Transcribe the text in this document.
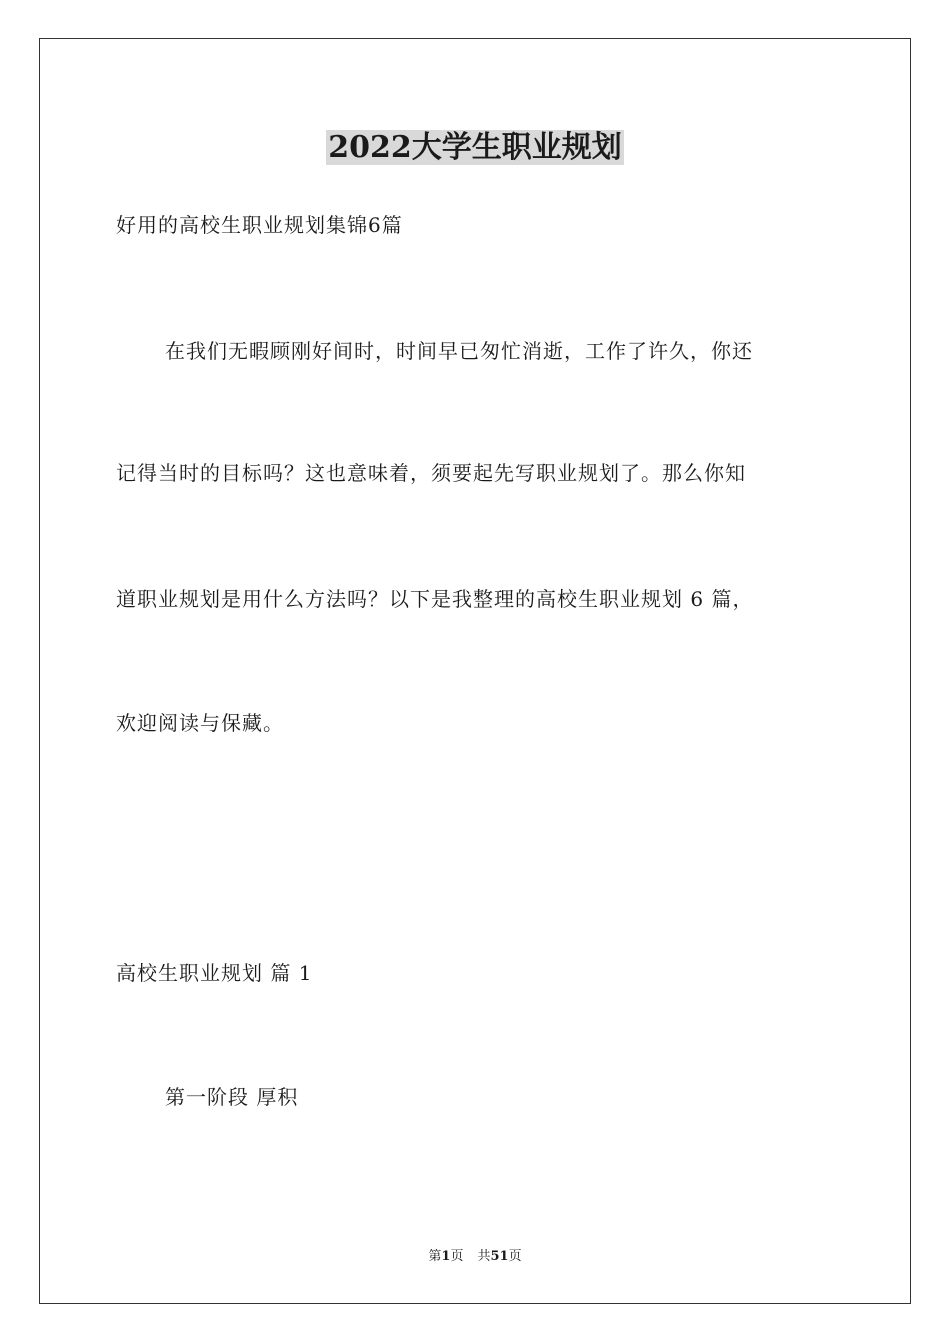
2022大学生职业规划
好用的高校生职业规划集锦6篇
在我们无暇顾刚好间时，时间早已匆忙消逝，工作了许久，你还
记得当时的目标吗？这也意味着，须要起先写职业规划了。那么你知
道职业规划是用什么方法吗？以下是我整理的高校生职业规划 6 篇，
欢迎阅读与保藏。
高校生职业规划 篇 1
第一阶段 厚积
第1页 共51页
